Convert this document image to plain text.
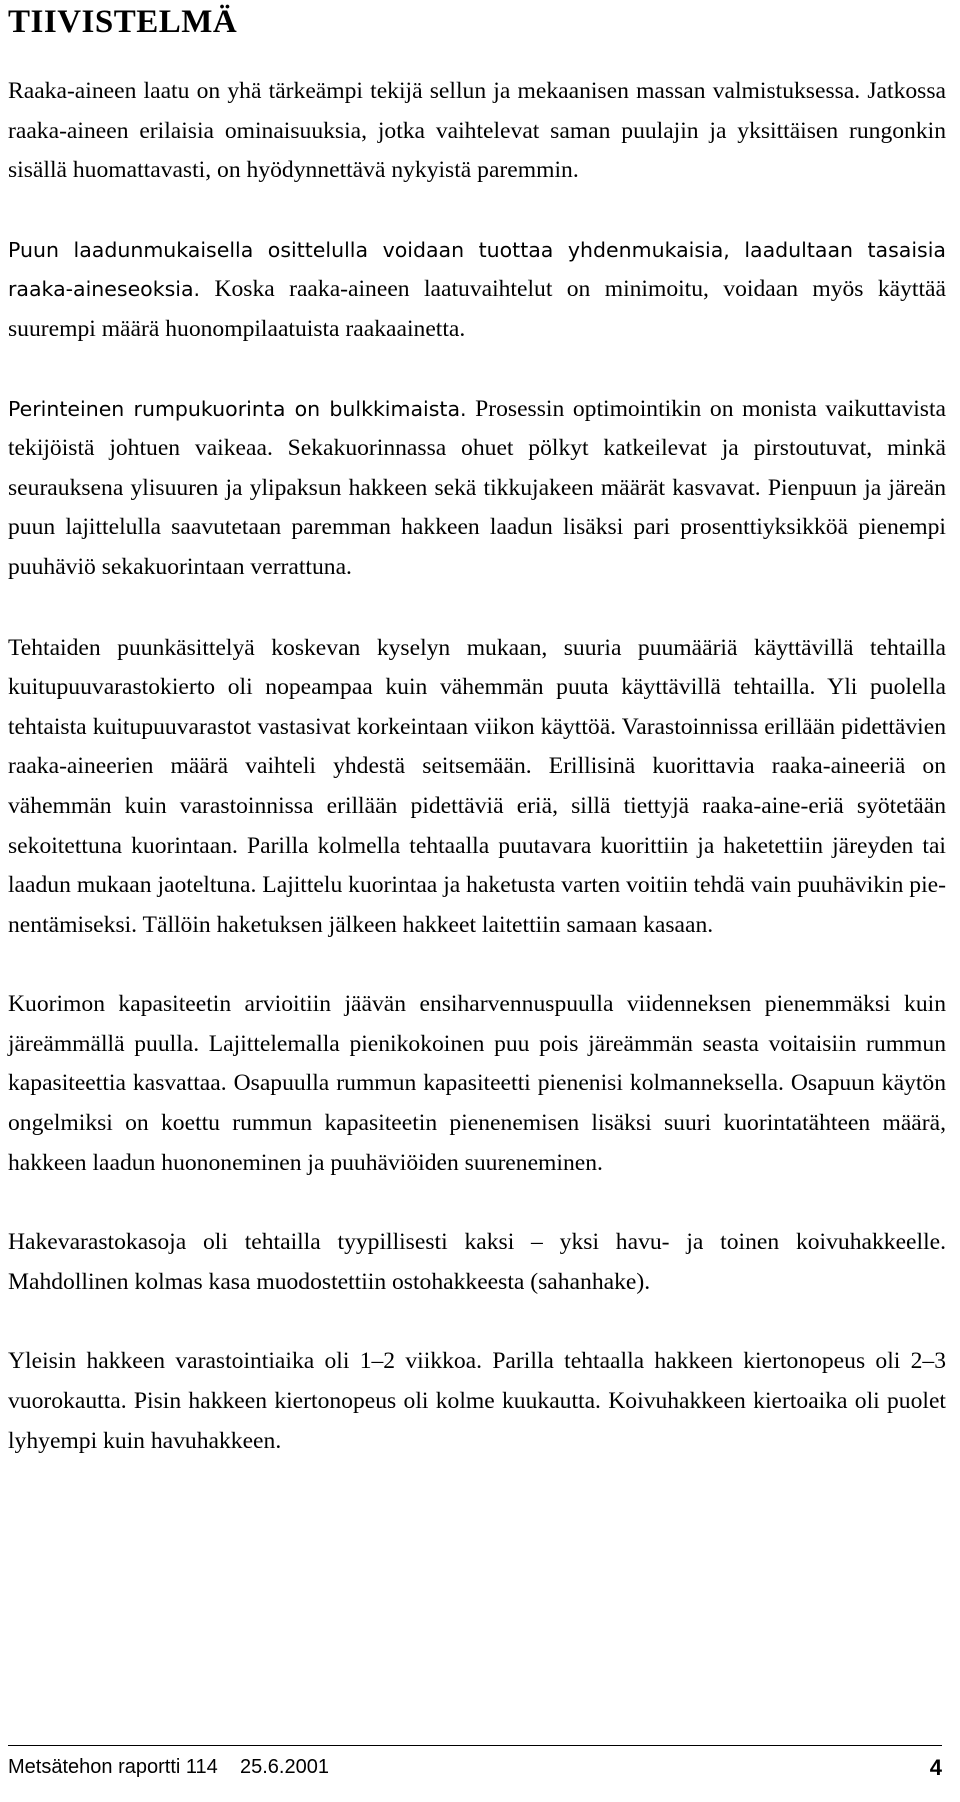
TIIVISTELMÄ

Raaka-aineen laatu on yhä tärkeämpi tekijä sellun ja mekaanisen massan valmistuksessa. Jatkossa raaka-aineen erilaisia ominaisuuksia, jotka vaihtelevat saman puulajin ja yksittäisen rungonkin sisällä huomattavasti, on hyödynnettävä nykyistä paremmin.

Puun laadunmukaisella osittelulla voidaan tuottaa yhdenmukaisia, laadultaan tasaisia raaka-aineseoksia. Koska raaka-aineen laatuvaihtelut on minimoitu, voidaan myös käyttää suurempi määrä huonompilaatuista raakaainetta.

Perinteinen rumpukuorinta on bulkkimaista. Prosessin optimointikin on monista vaikuttavista tekijöistä johtuen vaikeaa. Sekakuorinnassa ohuet pölkyt katkeilevat ja pirstoutuvat, minkä seurauksena ylisuuren ja ylipaksun hakkeen sekä tikkujakeen määrät kasvavat. Pienpuun ja järeän puun lajittelulla saavutetaan paremman hakkeen laadun lisäksi pari prosenttiyksikköä pienempi puuhäviö sekakuorintaan verrattuna.

Tehtaiden puunkäsittelyä koskevan kyselyn mukaan, suuria puumääriä käyttävillä tehtailla kuitupuuvarastokierto oli nopeampaa kuin vähemmän puuta käyttävillä tehtailla. Yli puolella tehtaista kuitupuuvarastot vastasivat korkeintaan viikon käyttöä. Varastoinnissa erillään pidettävien raaka-aineerien määrä vaihteli yhdestä seitsemään. Erillisinä kuorittavia raaka-aineeriä on vähemmän kuin varastoinnissa erillään pidettäviä eriä, sillä tiettyjä raaka-aine-eriä syötetään sekoitettuna kuorintaan. Parilla kolmella tehtaalla puutavara kuorittiin ja haketettiin järeyden tai laadun mukaan jaoteltuna. Lajittelu kuorintaa ja haketusta varten voitiin tehdä vain puuhävikin pienentämiseksi. Tällöin haketuksen jälkeen hakkeet laitettiin samaan kasaan.

Kuorimon kapasiteetin arvioitiin jäävän ensiharvennuspuulla viidenneksen pienemmäksi kuin järeämmällä puulla. Lajittelemalla pienikokoinen puu pois järeämmän seasta voitaisiin rummun kapasiteettia kasvattaa. Osapuulla rummun kapasiteetti pienenisi kolmanneksella. Osapuun käytön ongelmiksi on koettu rummun kapasiteetin pienenemisen lisäksi suuri kuorintatähteen määrä, hakkeen laadun huononeminen ja puuhäviöiden suureneminen.

Hakevarastokasoja oli tehtailla tyypillisesti kaksi – yksi havu- ja toinen koivuhakkeelle. Mahdollinen kolmas kasa muodostettiin ostohakkeesta (sahanhake).

Yleisin hakkeen varastointiaika oli 1–2 viikkoa. Parilla tehtaalla hakkeen kiertonopeus oli 2–3 vuorokautta. Pisin hakkeen kiertonopeus oli kolme kuukautta. Koivuhakkeen kiertoaika oli puolet lyhyempi kuin havuhakkeen.

Metsätehon raportti 114 25.6.2001	4
